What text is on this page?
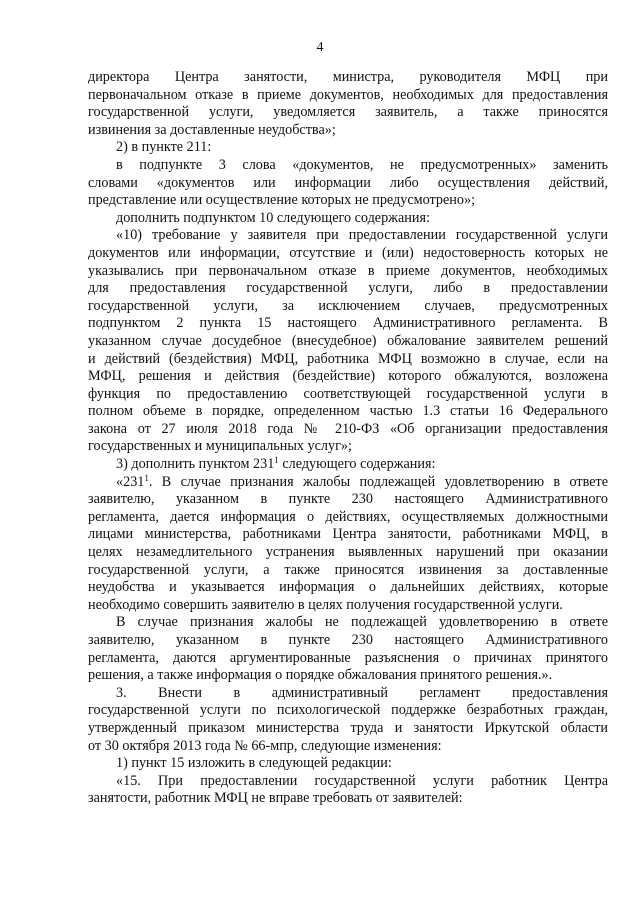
4
директора Центра занятости, министра, руководителя МФЦ при
первоначальном отказе в приеме документов, необходимых для предоставления
государственной услуги, уведомляется заявитель, а также приносятся
извинения за доставленные неудобства»;
2) в пункте 211:
в подпункте 3 слова «документов, не предусмотренных» заменить
словами «документов или информации либо осуществления действий,
представление или осуществление которых не предусмотрено»;
дополнить подпунктом 10 следующего содержания:
«10) требование у заявителя при предоставлении государственной услуги
документов или информации, отсутствие и (или) недостоверность которых не
указывались при первоначальном отказе в приеме документов, необходимых
для предоставления государственной услуги, либо в предоставлении
государственной услуги, за исключением случаев, предусмотренных
подпунктом 2 пункта 15 настоящего Административного регламента. В
указанном случае досудебное (внесудебное) обжалование заявителем решений
и действий (бездействия) МФЦ, работника МФЦ возможно в случае, если на
МФЦ, решения и действия (бездействие) которого обжалуются, возложена
функция по предоставлению соответствующей государственной услуги в
полном объеме в порядке, определенном частью 1.3 статьи 16 Федерального
закона от 27 июля 2018 года № 210-ФЗ «Об организации предоставления
государственных и муниципальных услуг»;
3) дополнить пунктом $231^1$ следующего содержания:
«$231^1$. В случае признания жалобы подлежащей удовлетворению в ответе
заявителю, указанном в пункте 230 настоящего Административного
регламента, дается информация о действиях, осуществляемых должностными
лицами министерства, работниками Центра занятости, работниками МФЦ, в
целях незамедлительного устранения выявленных нарушений при оказании
государственной услуги, а также приносятся извинения за доставленные
неудобства и указывается информация о дальнейших действиях, которые
необходимо совершить заявителю в целях получения государственной услуги.
В случае признания жалобы не подлежащей удовлетворению в ответе
заявителю, указанном в пункте 230 настоящего Административного
регламента, даются аргументированные разъяснения о причинах принятого
решения, а также информация о порядке обжалования принятого решения.».
3. Внести в административный регламент предоставления
государственной услуги по психологической поддержке безработных граждан,
утвержденный приказом министерства труда и занятости Иркутской области
от 30 октября 2013 года № 66-мпр, следующие изменения:
1) пункт 15 изложить в следующей редакции:
«15. При предоставлении государственной услуги работник Центра
занятости, работник МФЦ не вправе требовать от заявителей:
